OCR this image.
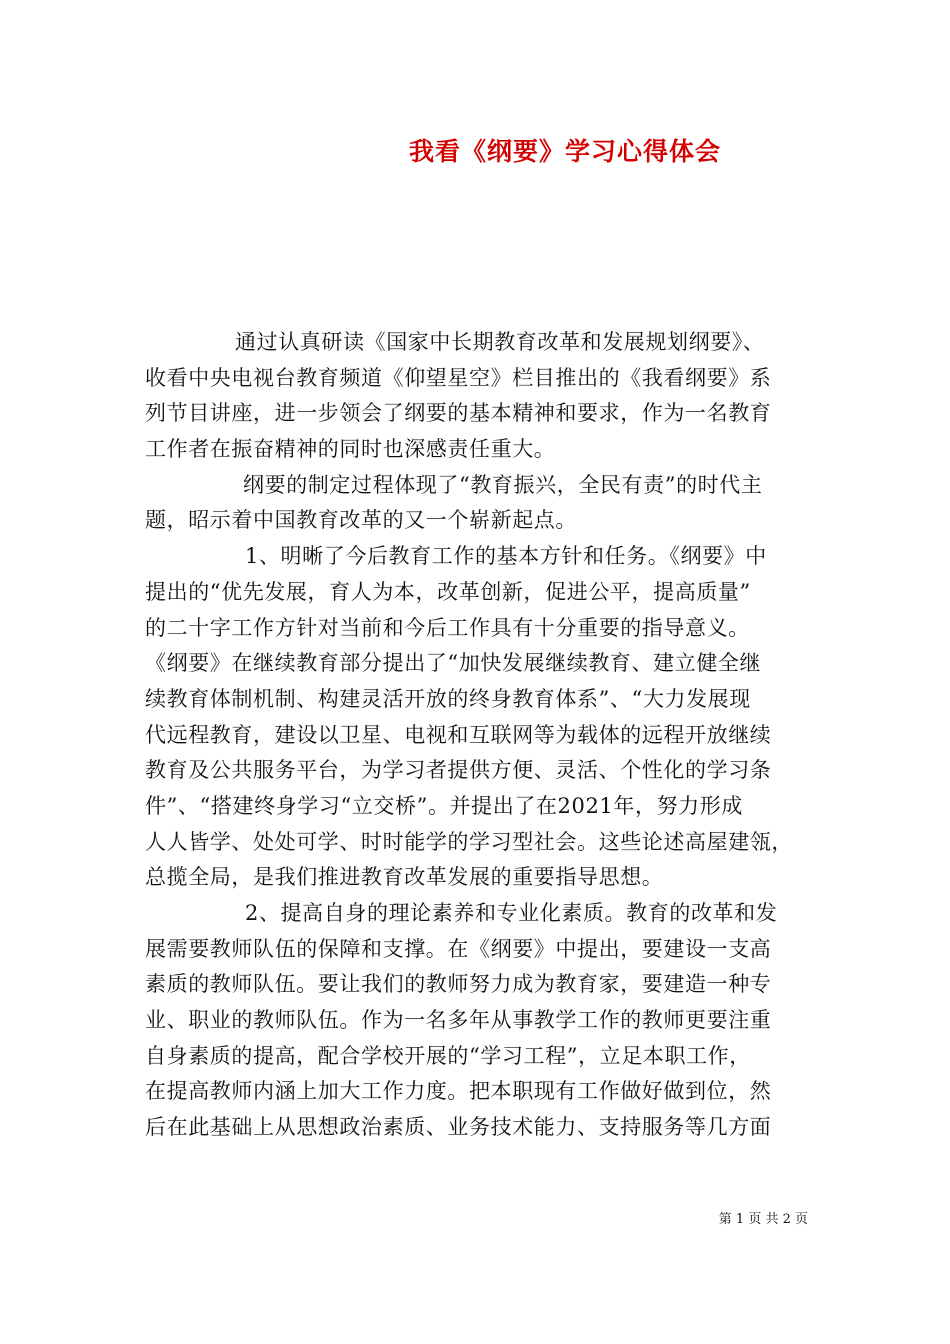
我看《纲要》学习心得体会
通过认真研读《国家中长期教育改革和发展规划纲要》、
收看中央电视台教育频道《仰望星空》栏目推出的《我看纲要》系
列节目讲座，进一步领会了纲要的基本精神和要求，作为一名教育
工作者在振奋精神的同时也深感责任重大。
纲要的制定过程体现了“教育振兴，全民有责”的时代主
题，昭示着中国教育改革的又一个崭新起点。
1、明晰了今后教育工作的基本方针和任务。《纲要》中
提出的“优先发展，育人为本，改革创新，促进公平，提高质量”
的二十字工作方针对当前和今后工作具有十分重要的指导意义。
《纲要》在继续教育部分提出了“加快发展继续教育、建立健全继
续教育体制机制、构建灵活开放的终身教育体系”、“大力发展现
代远程教育，建设以卫星、电视和互联网等为载体的远程开放继续
教育及公共服务平台，为学习者提供方便、灵活、个性化的学习条
件”、“搭建终身学习“立交桥”。并提出了在2021年，努力形成
人人皆学、处处可学、时时能学的学习型社会。这些论述高屋建瓴，
总揽全局，是我们推进教育改革发展的重要指导思想。
2、提高自身的理论素养和专业化素质。教育的改革和发
展需要教师队伍的保障和支撑。在《纲要》中提出，要建设一支高
素质的教师队伍。要让我们的教师努力成为教育家，要建造一种专
业、职业的教师队伍。作为一名多年从事教学工作的教师更要注重
自身素质的提高，配合学校开展的“学习工程”，立足本职工作，
在提高教师内涵上加大工作力度。把本职现有工作做好做到位，然
后在此基础上从思想政治素质、业务技术能力、支持服务等几方面
第 1 页 共 2 页
